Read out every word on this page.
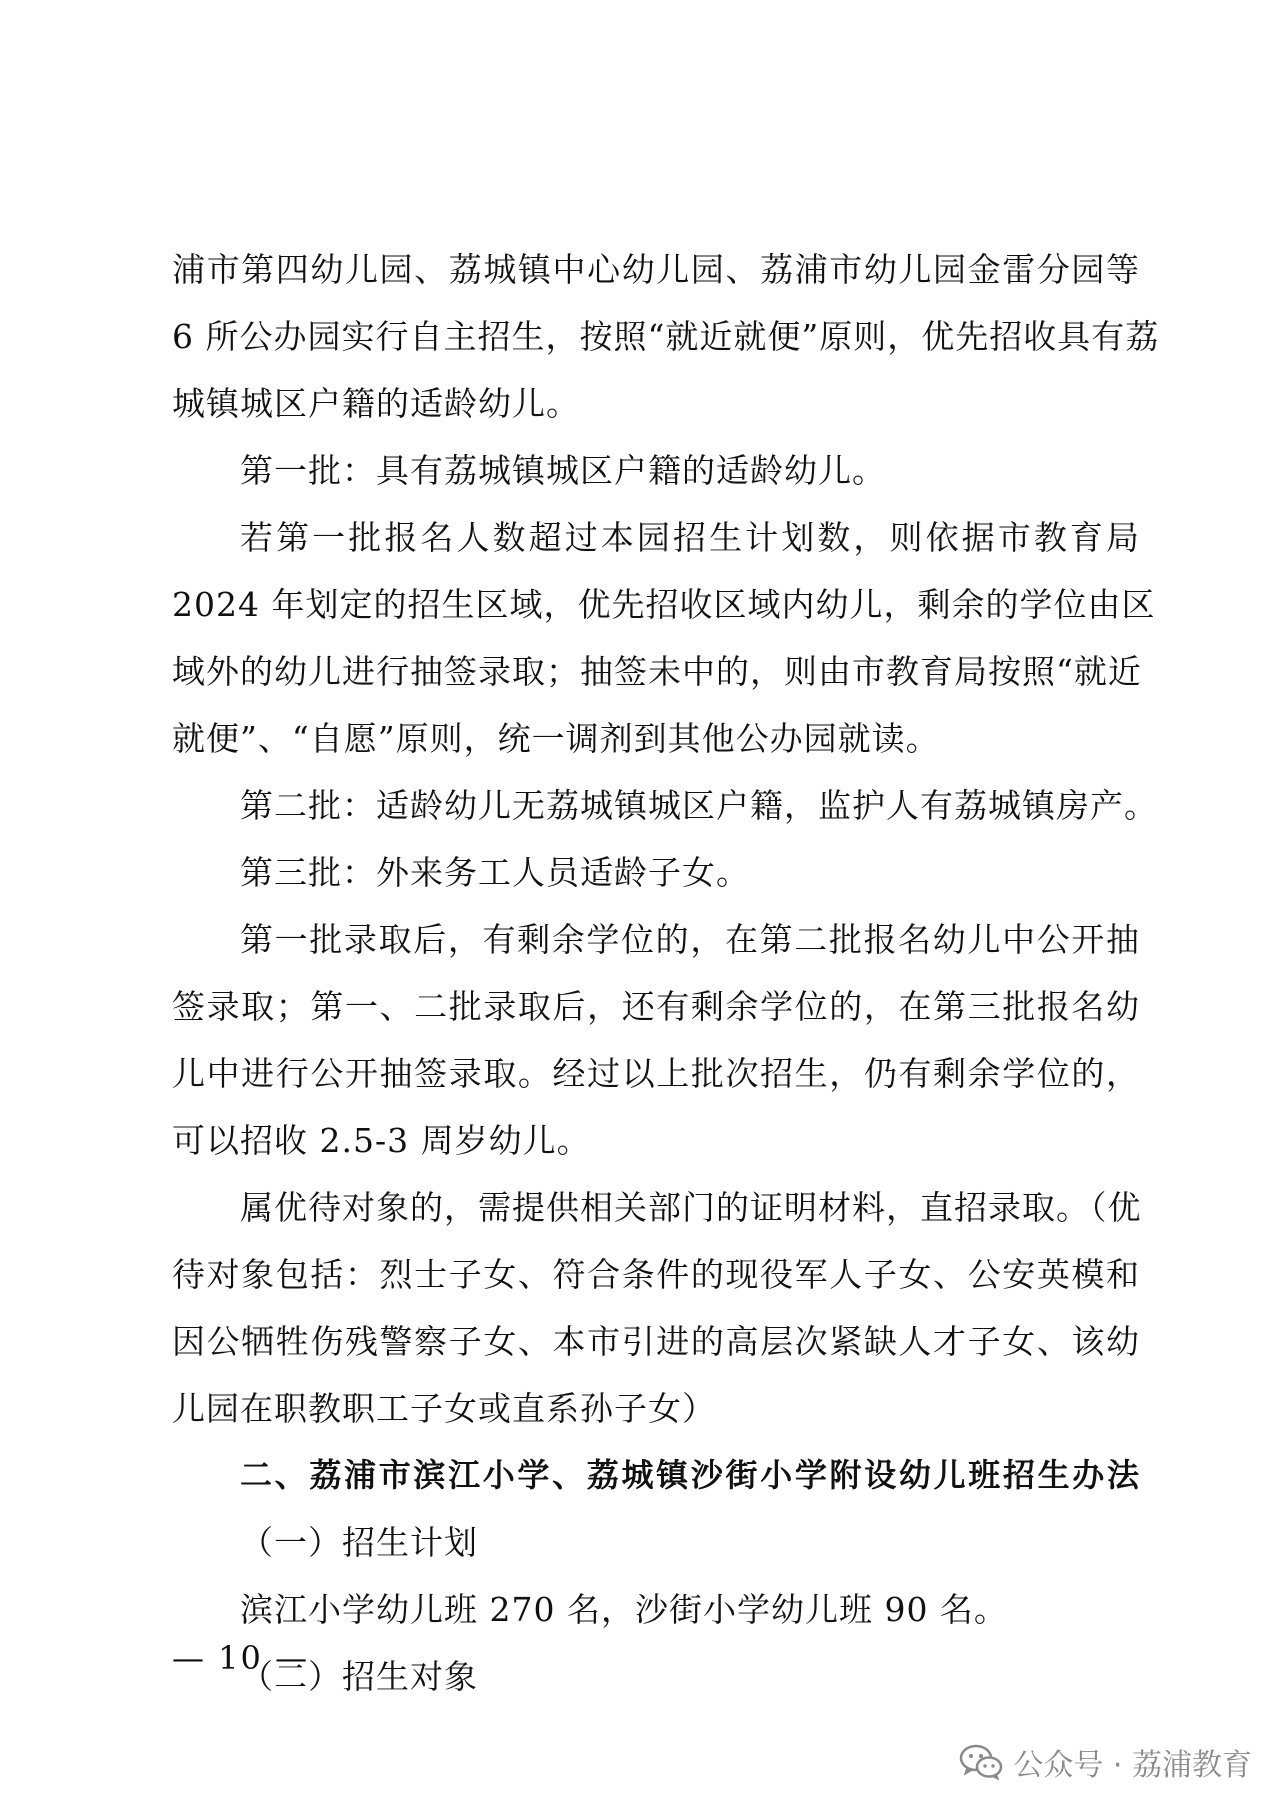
浦市第四幼儿园、荔城镇中心幼儿园、荔浦市幼儿园金雷分园等
6 所公办园实行自主招生，按照“就近就便”原则，优先招收具有荔
城镇城区户籍的适龄幼儿。
第一批：具有荔城镇城区户籍的适龄幼儿。
若第一批报名人数超过本园招生计划数，则依据市教育局
2024 年划定的招生区域，优先招收区域内幼儿，剩余的学位由区
域外的幼儿进行抽签录取；抽签未中的，则由市教育局按照“就近
就便”、“自愿”原则，统一调剂到其他公办园就读。
第二批：适龄幼儿无荔城镇城区户籍，监护人有荔城镇房产。
第三批：外来务工人员适龄子女。
第一批录取后，有剩余学位的，在第二批报名幼儿中公开抽
签录取；第一、二批录取后，还有剩余学位的，在第三批报名幼
儿中进行公开抽签录取。经过以上批次招生，仍有剩余学位的，
可以招收 2.5-3 周岁幼儿。
属优待对象的，需提供相关部门的证明材料，直招录取。（优
待对象包括：烈士子女、符合条件的现役军人子女、公安英模和
因公牺牲伤残警察子女、本市引进的高层次紧缺人才子女、该幼
儿园在职教职工子女或直系孙子女）
二、荔浦市滨江小学、荔城镇沙街小学附设幼儿班招生办法
（一）招生计划
滨江小学幼儿班 270 名，沙街小学幼儿班 90 名。
（二）招生对象
— 10 —
公众号 · 荔浦教育
